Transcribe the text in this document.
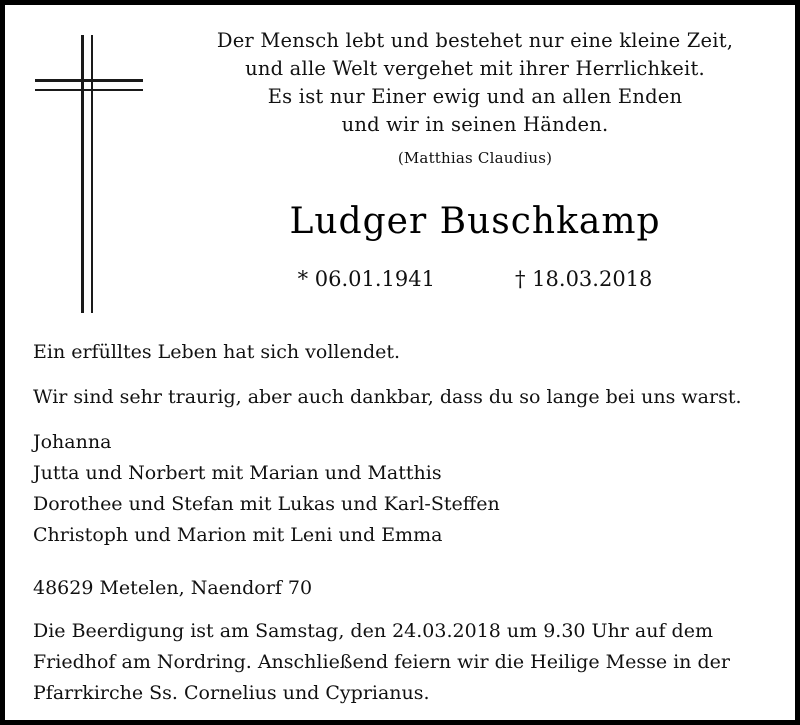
Der Mensch lebt und bestehet nur eine kleine Zeit,
und alle Welt vergehet mit ihrer Herrlichkeit.
Es ist nur Einer ewig und an allen Enden
und wir in seinen Händen.
(Matthias Claudius)
Ludger Buschkamp
* 06.01.1941	† 18.03.2018

Ein erfülltes Leben hat sich vollendet.

Wir sind sehr traurig, aber auch dankbar, dass du so lange bei uns warst.

Johanna
Jutta und Norbert mit Marian und Matthis
Dorothee und Stefan mit Lukas und Karl-Steffen
Christoph und Marion mit Leni und Emma

48629 Metelen, Naendorf 70

Die Beerdigung ist am Samstag, den 24.03.2018 um 9.30 Uhr auf dem
Friedhof am Nordring. Anschließend feiern wir die Heilige Messe in der
Pfarrkirche Ss. Cornelius und Cyprianus.
